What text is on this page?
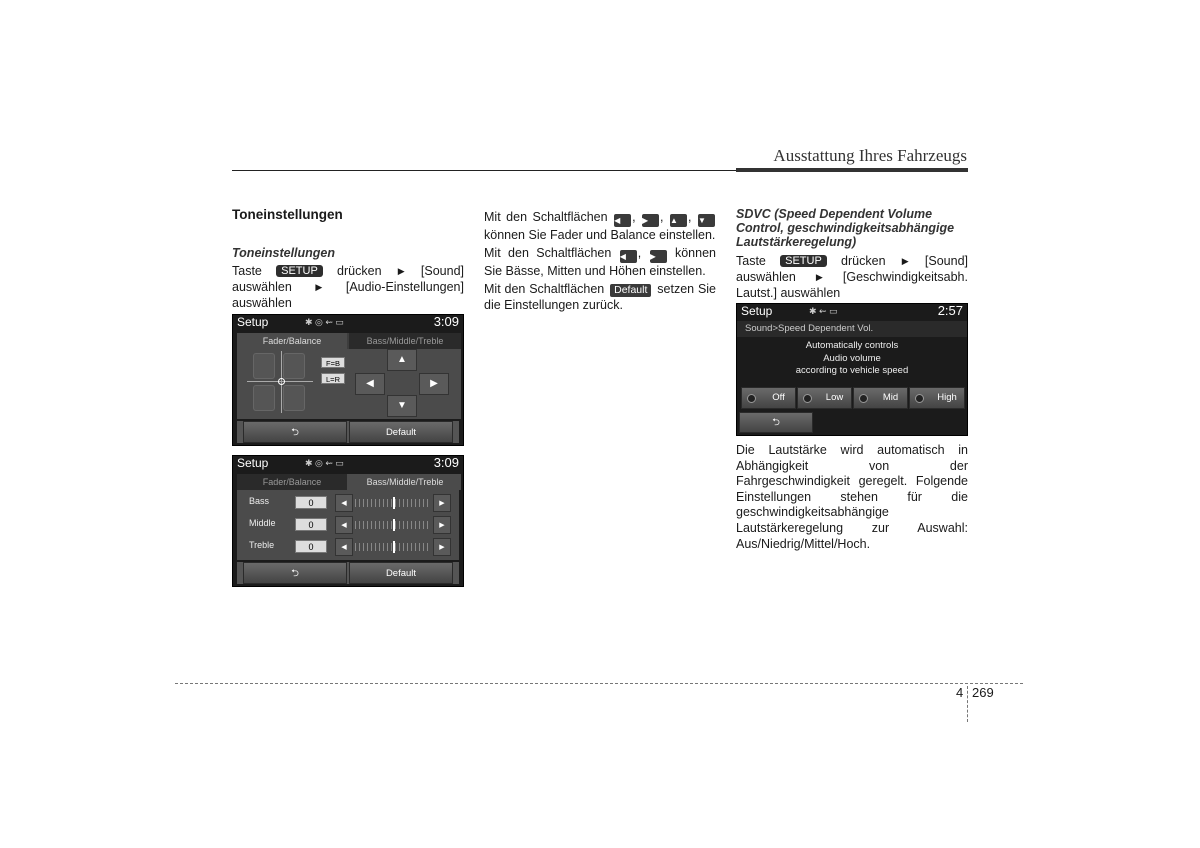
Ausstattung Ihres Fahrzeugs
Toneinstellungen
Toneinstellungen
Taste SETUP drücken ▶ [Sound] auswählen	▶ [Audio-Einstellungen] auswählen
Setup	✱ ◎ ⇜ ▭	3:09
Fader/Balance	Bass/Middle/Treble
F=B
L=R
▲
◀	▶
▼
⮌	Default
Setup	✱ ◎ ⇜ ▭	3:09
Fader/Balance	Bass/Middle/Treble
Bass	0	◀	▶
Middle	0	◀	▶
Treble	0	◀	▶
⮌	Default
Mit den Schaltflächen ◀ , ▶ , ▲ , ▼ können Sie Fader und Balance einstellen.
Mit den Schaltflächen ◀ , ▶ können Sie Bässe, Mitten und Höhen einstellen.
Mit den Schaltflächen Default setzen Sie die Einstellungen zurück.
SDVC (Speed Dependent Volume Control, geschwindigkeitsabhängige Lautstärkeregelung)
Taste SETUP drücken ▶ [Sound] auswählen ▶ [Geschwindigkeitsabh. Lautst.] auswählen
Setup	✱ ⇜ ▭	2:57
Sound>Speed Dependent Vol.
Automatically controls
Audio volume
according to vehicle speed
Off	Low	Mid	High
⮌
Die Lautstärke wird automatisch in Abhängigkeit von der Fahrgeschwindigkeit geregelt. Folgende Einstellungen stehen für die geschwindigkeitsabhängige Lautstärkeregelung zur Auswahl: Aus/Niedrig/Mittel/Hoch.
4 269
